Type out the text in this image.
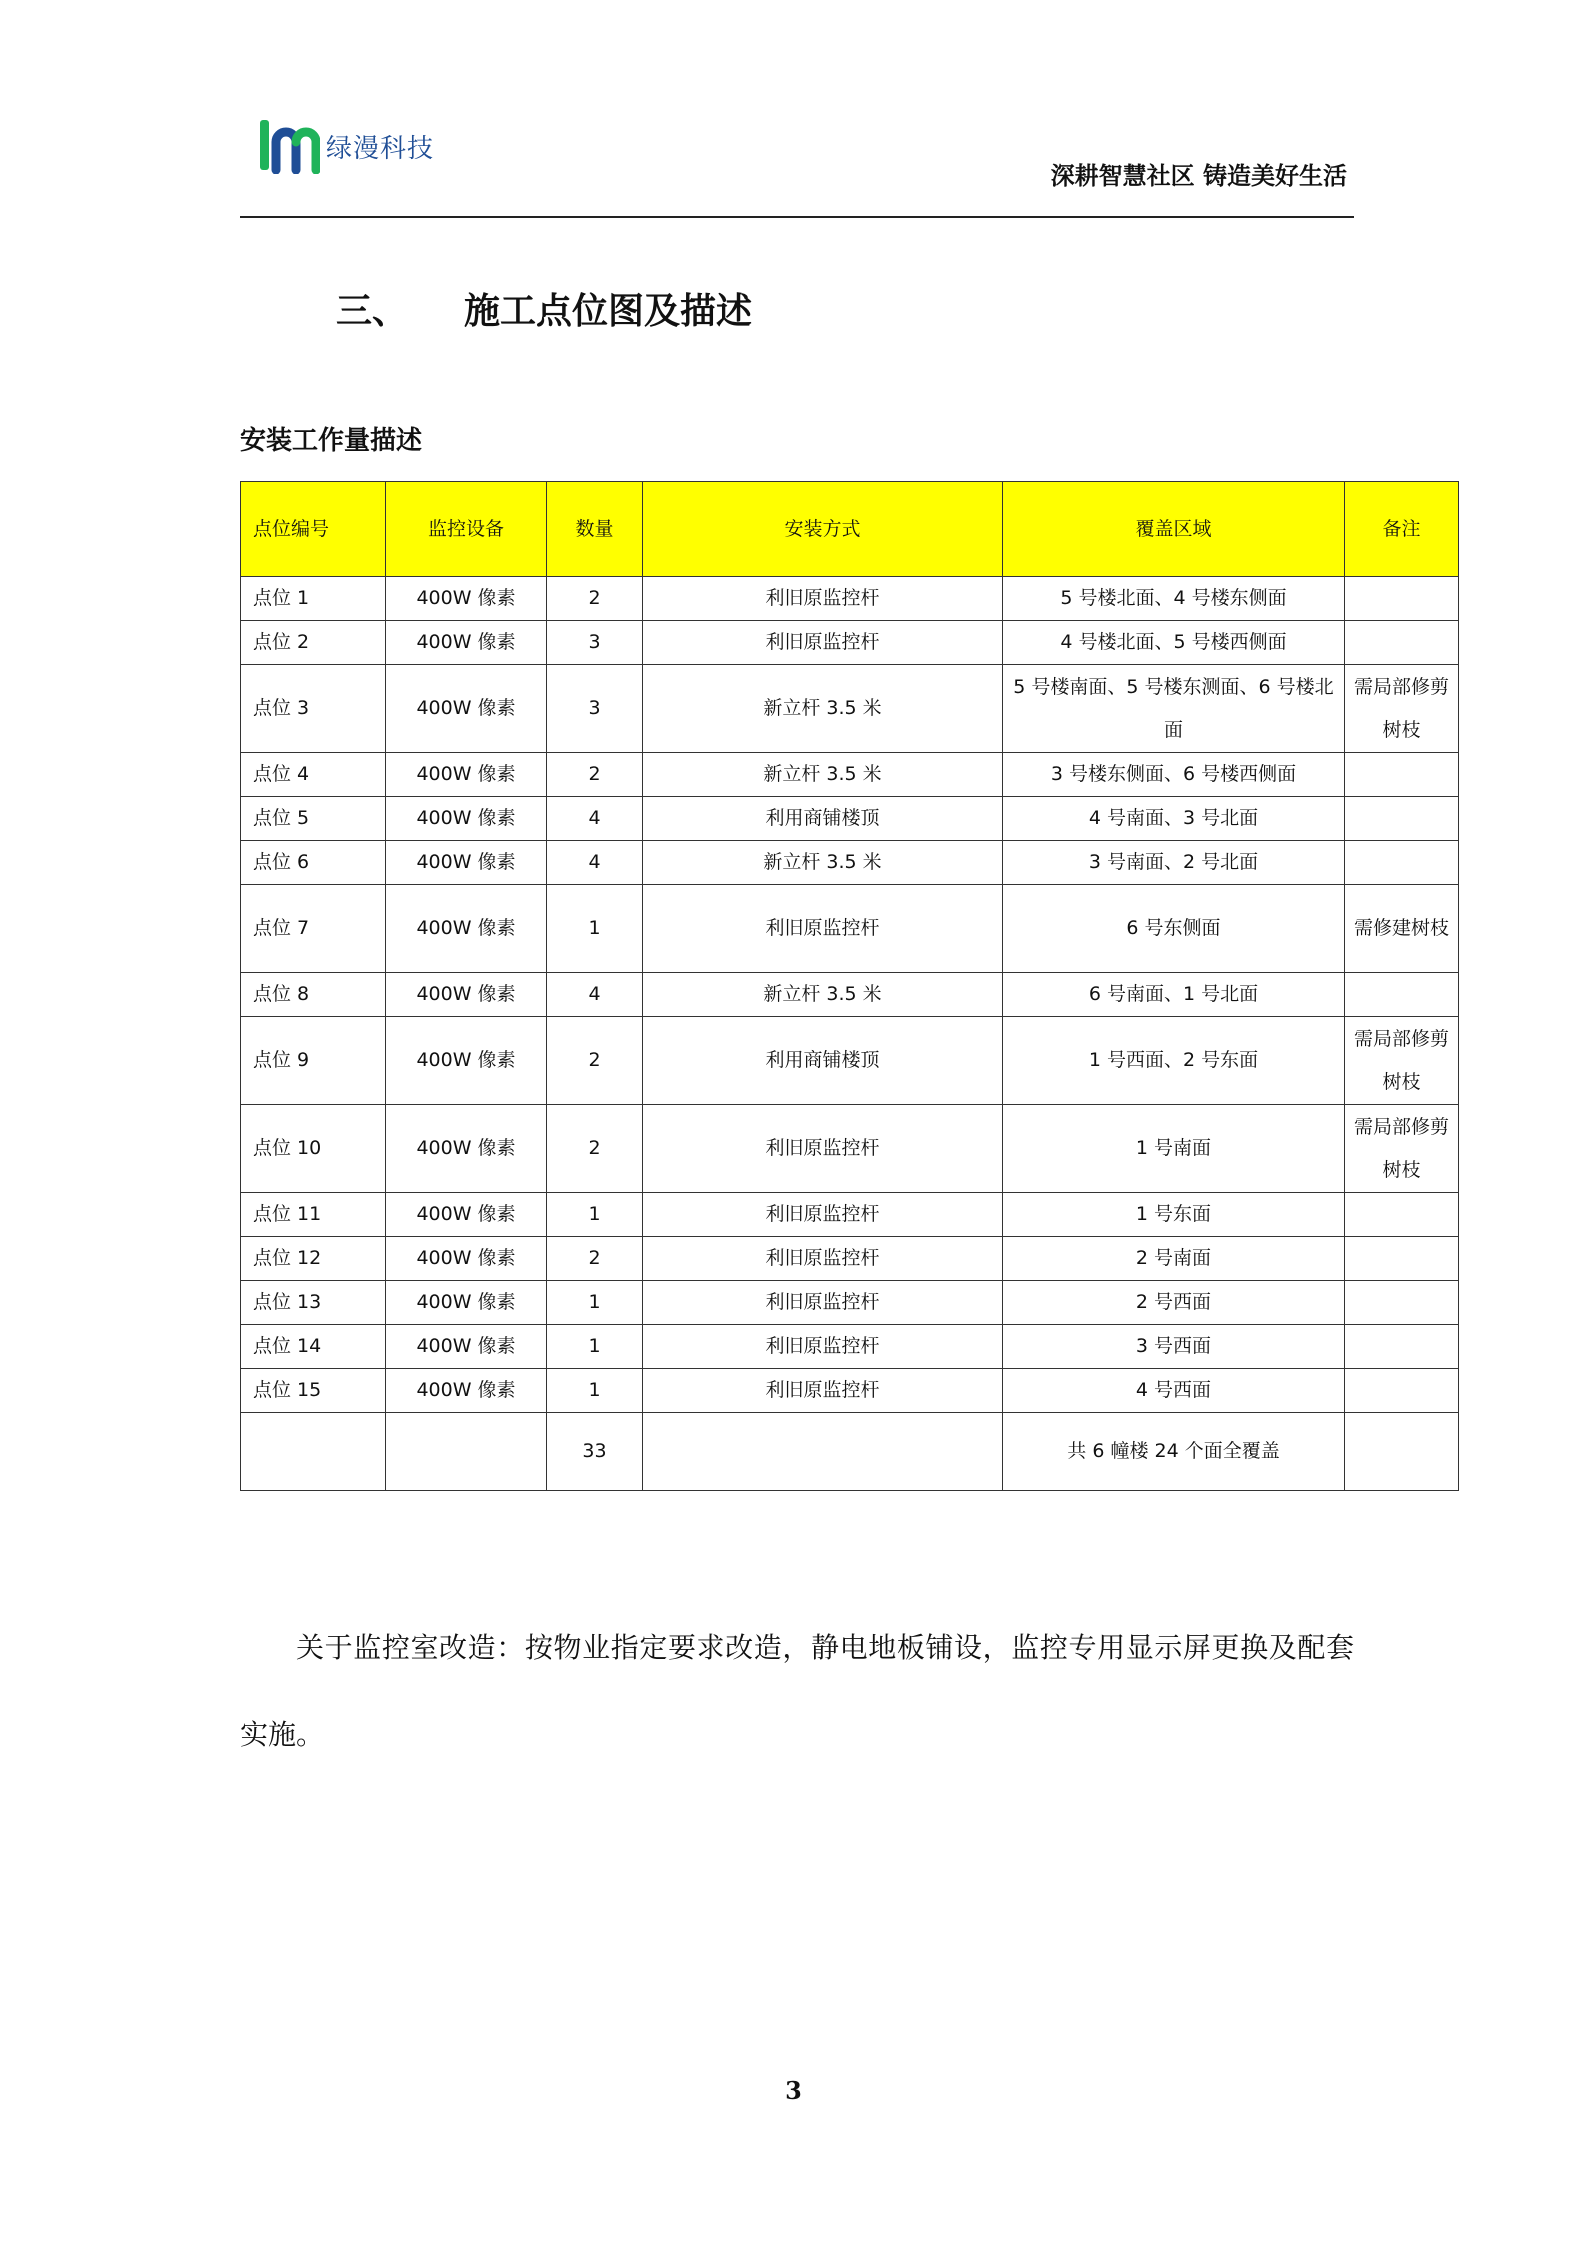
绿漫科技
深耕智慧社区 铸造美好生活
三、	施工点位图及描述
安装工作量描述
点位编号	监控设备	数量	安装方式	覆盖区域	备注
点位 1	400W 像素	2	利旧原监控杆	5 号楼北面、4 号楼东侧面	
点位 2	400W 像素	3	利旧原监控杆	4 号楼北面、5 号楼西侧面	
点位 3	400W 像素	3	新立杆 3.5 米	5 号楼南面、5 号楼东测面、6 号楼北面	需局部修剪树枝
点位 4	400W 像素	2	新立杆 3.5 米	3 号楼东侧面、6 号楼西侧面	
点位 5	400W 像素	4	利用商铺楼顶	4 号南面、3 号北面	
点位 6	400W 像素	4	新立杆 3.5 米	3 号南面、2 号北面	
点位 7	400W 像素	1	利旧原监控杆	6 号东侧面	需修建树枝
点位 8	400W 像素	4	新立杆 3.5 米	6 号南面、1 号北面	
点位 9	400W 像素	2	利用商铺楼顶	1 号西面、2 号东面	需局部修剪树枝
点位 10	400W 像素	2	利旧原监控杆	1 号南面	需局部修剪树枝
点位 11	400W 像素	1	利旧原监控杆	1 号东面	
点位 12	400W 像素	2	利旧原监控杆	2 号南面	
点位 13	400W 像素	1	利旧原监控杆	2 号西面	
点位 14	400W 像素	1	利旧原监控杆	3 号西面	
点位 15	400W 像素	1	利旧原监控杆	4 号西面	
		33		共 6 幢楼 24 个面全覆盖	
关于监控室改造：按物业指定要求改造，静电地板铺设，监控专用显示屏更换及配套实施。
3
